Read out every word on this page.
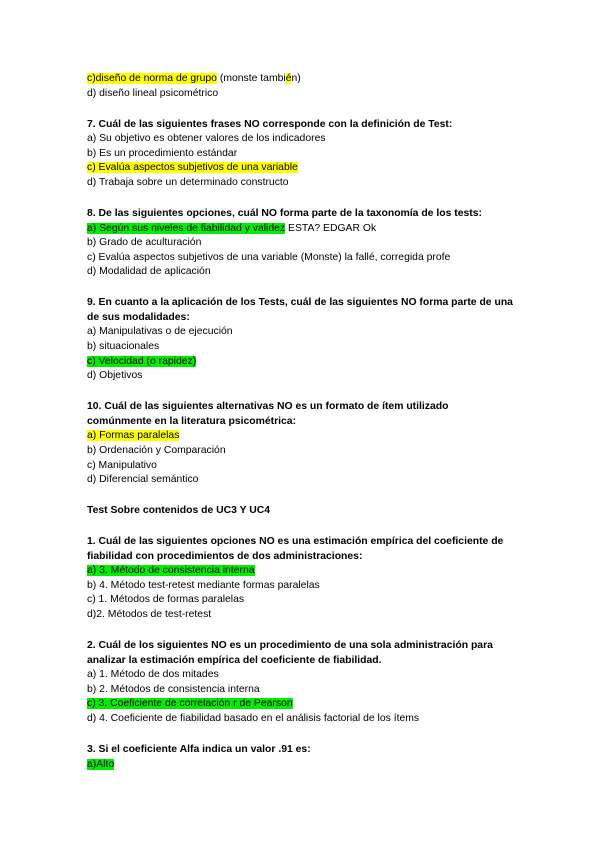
c)diseño de norma de grupo (monste también)
d) diseño lineal psicométrico
7. Cuál de las siguientes frases NO corresponde con la definición de Test:
a) Su objetivo es obtener valores de los indicadores
b) Es un procedimiento estándar
c) Evalúa aspectos subjetivos de una variable
d) Trabaja sobre un determinado constructo
8. De las siguientes opciones, cuál NO forma parte de la taxonomía de los tests:
a) Según sus niveles de fiabilidad y validez ESTA? EDGAR Ok
b) Grado de aculturación
c) Evalúa aspectos subjetivos de una variable (Monste) la fallé, corregida profe
d) Modalidad de aplicación
9. En cuanto a la aplicación de los Tests, cuál de las siguientes NO forma parte de una
de sus modalidades:
a) Manipulativas o de ejecución
b) situacionales
c) Velocidad (o rapidez)
d) Objetivos
10. Cuál de las siguientes alternativas NO es un formato de ítem utilizado
comúnmente en la literatura psicométrica:
a) Formas paralelas
b) Ordenación y Comparación
c) Manipulativo
d) Diferencial semántico
Test Sobre contenidos de UC3 Y UC4
1. Cuál de las siguientes opciones NO es una estimación empírica del coeficiente de
fiabilidad con procedimientos de dos administraciones:
a) 3. Método de consistencia interna
b) 4. Método test-retest mediante formas paralelas
c) 1. Métodos de formas paralelas
d)2. Métodos de test-retest
2. Cuál de los siguientes NO es un procedimiento de una sola administración para
analizar la estimación empírica del coeficiente de fiabilidad.
a) 1. Método de dos mitades
b) 2. Métodos de consistencia interna
c) 3. Coeficiente de correlación r de Pearson
d) 4. Coeficiente de fiabilidad basado en el análisis factorial de los ítems
3. Si el coeficiente Alfa indica un valor .91 es:
a)Alto
